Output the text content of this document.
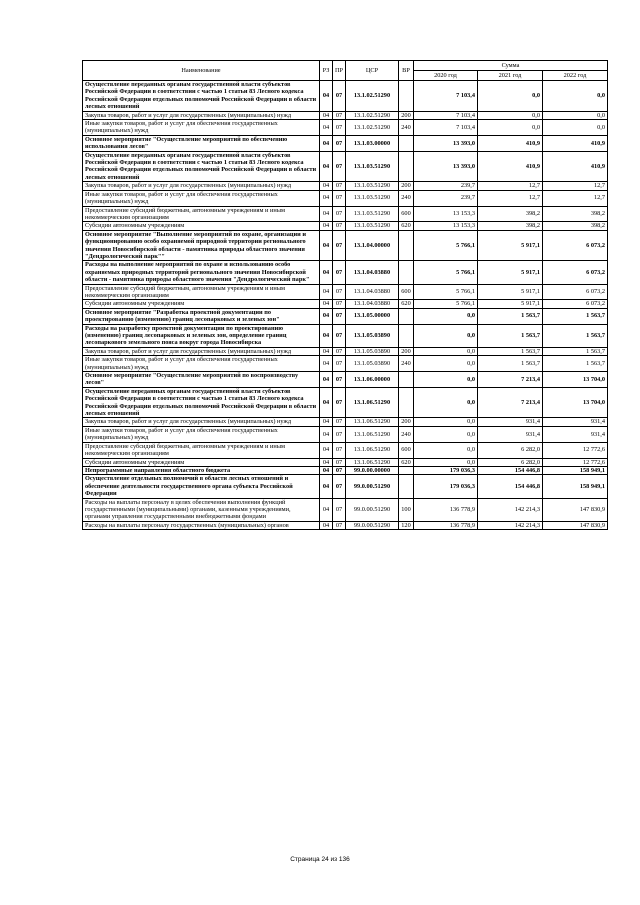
Наименование	РЗ	ПР	ЦСР	ВР	Сумма		
					2020 год	2021 год	2022 год
Осуществление переданных органам государственной власти субъектов Российской Федерации в соответствии с частью 1 статьи 83 Лесного кодекса Российской Федерации отдельных полномочий Российской Федерации в области лесных отношений	04	07	13.1.02.51290		7 103,4	0,0	0,0
Закупка товаров, работ и услуг для государственных (муниципальных) нужд	04	07	13.1.02.51290	200	7 103,4	0,0	0,0
Иные закупки товаров, работ и услуг для обеспечения государственных (муниципальных) нужд	04	07	13.1.02.51290	240	7 103,4	0,0	0,0
Основное мероприятие "Осуществление мероприятий по обеспечению использования лесов"	04	07	13.1.03.00000		13 393,0	410,9	410,9
Осуществление переданных органам государственной власти субъектов Российской Федерации в соответствии с частью 1 статьи 83 Лесного кодекса Российской Федерации отдельных полномочий Российской Федерации в области лесных отношений	04	07	13.1.03.51290		13 393,0	410,9	410,9
Закупка товаров, работ и услуг для государственных (муниципальных) нужд	04	07	13.1.03.51290	200	239,7	12,7	12,7
Иные закупки товаров, работ и услуг для обеспечения государственных (муниципальных) нужд	04	07	13.1.03.51290	240	239,7	12,7	12,7
Предоставление субсидий бюджетным, автономным учреждениям и иным некоммерческим организациям	04	07	13.1.03.51290	600	13 153,3	398,2	398,2
Субсидии автономным учреждениям	04	07	13.1.03.51290	620	13 153,3	398,2	398,2
Основное мероприятие "Выполнение мероприятий по охране, организации и функционированию особо охраняемой природной территории регионального значения Новосибирской области - памятника природы областного значения "Дендрологический парк""	04	07	13.1.04.00000		5 766,1	5 917,1	6 073,2
Расходы на выполнение мероприятий по охране и использованию особо охраняемых природных территорий регионального значения Новосибирской области - памятника природы областного значения "Дендрологический парк"	04	07	13.1.04.03880		5 766,1	5 917,1	6 073,2
Предоставление субсидий бюджетным, автономным учреждениям и иным некоммерческим организациям	04	07	13.1.04.03880	600	5 766,1	5 917,1	6 073,2
Субсидии автономным учреждениям	04	07	13.1.04.03880	620	5 766,1	5 917,1	6 073,2
Основное мероприятие "Разработка проектной документации по проектированию (изменению) границ лесопарковых и зеленых зон"	04	07	13.1.05.00000		0,0	1 563,7	1 563,7
Расходы на разработку проектной документации по проектированию (изменению) границ лесопарковых и зеленых зон, определение границ лесопаркового земельного пояса вокруг города Новосибирска	04	07	13.1.05.03890		0,0	1 563,7	1 563,7
Закупка товаров, работ и услуг для государственных (муниципальных) нужд	04	07	13.1.05.03890	200	0,0	1 563,7	1 563,7
Иные закупки товаров, работ и услуг для обеспечения государственных (муниципальных) нужд	04	07	13.1.05.03890	240	0,0	1 563,7	1 563,7
Основное мероприятие "Осуществление мероприятий по воспроизводству лесов"	04	07	13.1.06.00000		0,0	7 213,4	13 704,0
Осуществление переданных органам государственной власти субъектов Российской Федерации в соответствии с частью 1 статьи 83 Лесного кодекса Российской Федерации отдельных полномочий Российской Федерации в области лесных отношений	04	07	13.1.06.51290		0,0	7 213,4	13 704,0
Закупка товаров, работ и услуг для государственных (муниципальных) нужд	04	07	13.1.06.51290	200	0,0	931,4	931,4
Иные закупки товаров, работ и услуг для обеспечения государственных (муниципальных) нужд	04	07	13.1.06.51290	240	0,0	931,4	931,4
Предоставление субсидий бюджетным, автономным учреждениям и иным некоммерческим организациям	04	07	13.1.06.51290	600	0,0	6 282,0	12 772,6
Субсидии автономным учреждениям	04	07	13.1.06.51290	620	0,0	6 282,0	12 772,6
Непрограммные направления областного бюджета	04	07	99.0.00.00000		179 036,3	154 446,8	158 949,1
Осуществление отдельных полномочий в области лесных отношений и обеспечение деятельности государственного органа субъекта Российской Федерации	04	07	99.0.00.51290		179 036,3	154 446,8	158 949,1
Расходы на выплаты персоналу в целях обеспечения выполнения функций государственными (муниципальными) органами, казенными учреждениями, органами управления государственными внебюджетными фондами	04	07	99.0.00.51290	100	136 778,9	142 214,3	147 830,9
Расходы на выплаты персоналу государственных (муниципальных) органов	04	07	99.0.00.51290	120	136 778,9	142 214,3	147 830,9
Страница 24 из 136
